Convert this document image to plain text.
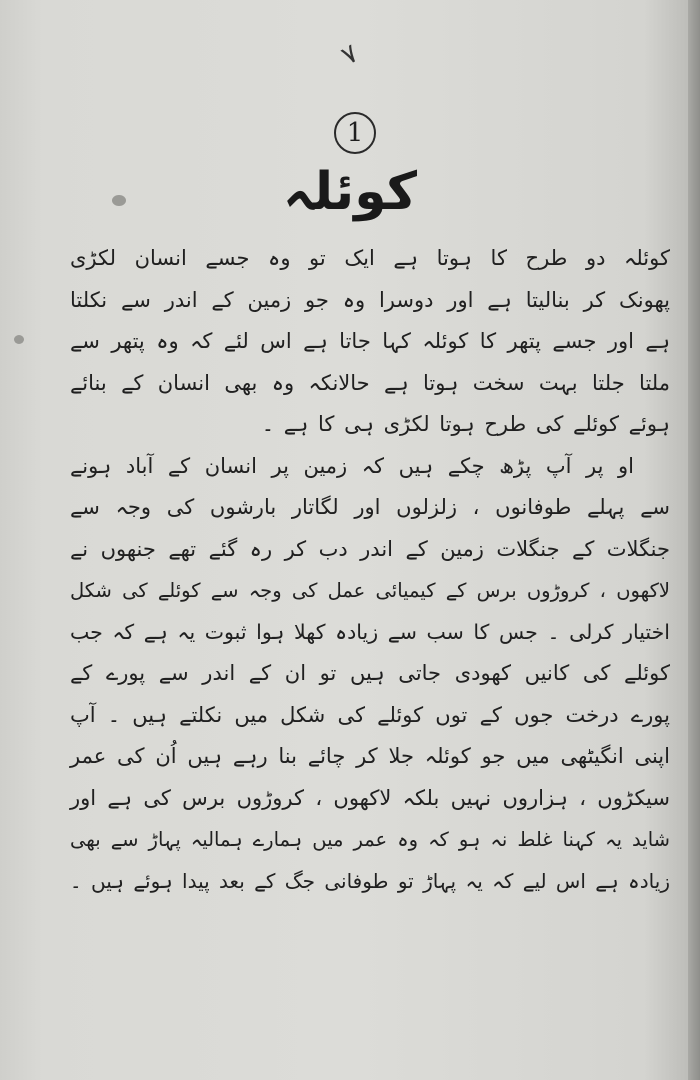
۷
1
کوئلہ
کوئلہ دو طرح کا ہوتا ہے ایک تو وہ جسے انسان لکڑی
پھونک کر بنالیتا ہے اور دوسرا وہ جو زمین کے اندر سے نکلتا
ہے اور جسے پتھر کا کوئلہ کہا جاتا ہے اس لئے کہ وہ پتھر سے
ملتا جلتا بہت سخت ہوتا ہے حالانکہ وہ بھی انسان کے بنائے
ہوئے کوئلے کی طرح ہوتا لکڑی ہی کا ہے ۔
او پر آپ پڑھ چکے ہیں کہ زمین پر انسان کے آباد ہونے
سے پہلے طوفانوں ، زلزلوں اور لگاتار بارشوں کی وجہ سے
جنگلات کے جنگلات زمین کے اندر دب کر رہ گئے تھے جنھوں نے
لاکھوں ، کروڑوں برس کے کیمیائی عمل کی وجہ سے کوئلے کی شکل
اختیار کرلی ۔ جس کا سب سے زیادہ کھلا ہوا ثبوت یہ ہے کہ جب
کوئلے کی کانیں کھودی جاتی ہیں تو ان کے اندر سے پورے کے
پورے درخت جوں کے توں کوئلے کی شکل میں نکلتے ہیں ۔ آپ
اپنی انگیٹھی میں جو کوئلہ جلا کر چائے بنا رہے ہیں اُن کی عمر
سیکڑوں ، ہزاروں نہیں بلکہ لاکھوں ، کروڑوں برس کی ہے اور
شاید یہ کہنا غلط نہ ہو کہ وہ عمر میں ہمارے ہمالیہ پہاڑ سے بھی
زیادہ ہے اس لیے کہ یہ پہاڑ تو طوفانی جگ کے بعد پیدا ہوئے ہیں ۔
